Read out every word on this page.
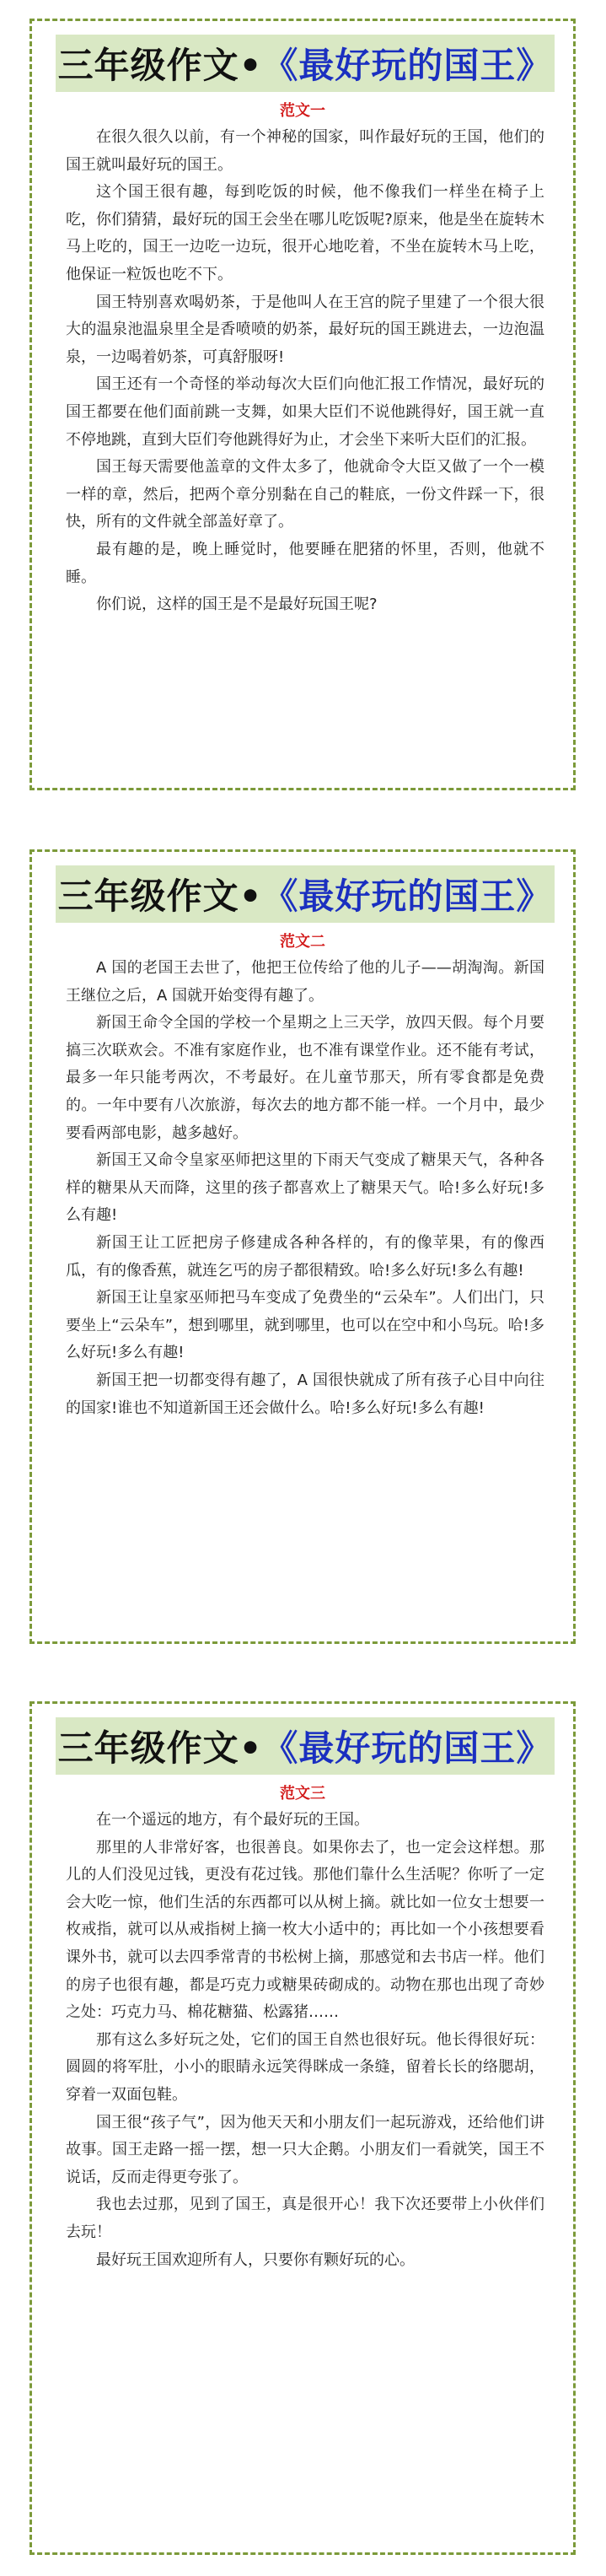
三年级作文• 《最好玩的国王》
范文一

在很久很久以前，有一个神秘的国家，叫作最好玩的王国，他们的国王就叫最好玩的国王。

这个国王很有趣，每到吃饭的时候，他不像我们一样坐在椅子上吃，你们猜猜，最好玩的国王会坐在哪儿吃饭呢?原来，他是坐在旋转木马上吃的，国王一边吃一边玩，很开心地吃着，不坐在旋转木马上吃，他保证一粒饭也吃不下。

国王特别喜欢喝奶茶，于是他叫人在王宫的院子里建了一个很大很大的温泉池温泉里全是香喷喷的奶茶，最好玩的国王跳进去，一边泡温泉，一边喝着奶茶，可真舒服呀!

国王还有一个奇怪的举动每次大臣们向他汇报工作情况，最好玩的国王都要在他们面前跳一支舞，如果大臣们不说他跳得好，国王就一直不停地跳，直到大臣们夸他跳得好为止，才会坐下来听大臣们的汇报。

国王每天需要他盖章的文件太多了，他就命令大臣又做了一个一模一样的章，然后，把两个章分别黏在自己的鞋底，一份文件踩一下，很快，所有的文件就全部盖好章了。

最有趣的是，晚上睡觉时，他要睡在肥猪的怀里，否则，他就不睡。

你们说，这样的国王是不是最好玩国王呢?

三年级作文• 《最好玩的国王》
范文二

A 国的老国王去世了，他把王位传给了他的儿子——胡淘淘。新国王继位之后，A 国就开始变得有趣了。

新国王命令全国的学校一个星期之上三天学，放四天假。每个月要搞三次联欢会。不准有家庭作业，也不准有课堂作业。还不能有考试，最多一年只能考两次，不考最好。在儿童节那天，所有零食都是免费的。一年中要有八次旅游，每次去的地方都不能一样。一个月中，最少要看两部电影，越多越好。

新国王又命令皇家巫师把这里的下雨天气变成了糖果天气，各种各样的糖果从天而降，这里的孩子都喜欢上了糖果天气。哈!多么好玩!多么有趣!

新国王让工匠把房子修建成各种各样的，有的像苹果，有的像西瓜，有的像香蕉，就连乞丐的房子都很精致。哈!多么好玩!多么有趣!

新国王让皇家巫师把马车变成了免费坐的“云朵车”。人们出门，只要坐上“云朵车”，想到哪里，就到哪里，也可以在空中和小鸟玩。哈!多么好玩!多么有趣!

新国王把一切都变得有趣了，A 国很快就成了所有孩子心目中向往的国家!谁也不知道新国王还会做什么。哈!多么好玩!多么有趣!

三年级作文• 《最好玩的国王》
范文三

在一个遥远的地方，有个最好玩的王国。

那里的人非常好客，也很善良。如果你去了，也一定会这样想。那儿的人们没见过钱，更没有花过钱。那他们靠什么生活呢？你听了一定会大吃一惊，他们生活的东西都可以从树上摘。就比如一位女士想要一枚戒指，就可以从戒指树上摘一枚大小适中的；再比如一个小孩想要看课外书，就可以去四季常青的书松树上摘，那感觉和去书店一样。他们的房子也很有趣，都是巧克力或糖果砖砌成的。动物在那也出现了奇妙之处：巧克力马、棉花糖猫、松露猪……

那有这么多好玩之处，它们的国王自然也很好玩。他长得很好玩：圆圆的将军肚，小小的眼睛永远笑得眯成一条缝，留着长长的络腮胡，穿着一双面包鞋。

国王很“孩子气”，因为他天天和小朋友们一起玩游戏，还给他们讲故事。国王走路一摇一摆，想一只大企鹅。小朋友们一看就笑，国王不说话，反而走得更夸张了。

我也去过那，见到了国王，真是很开心！我下次还要带上小伙伴们去玩！

最好玩王国欢迎所有人，只要你有颗好玩的心。
